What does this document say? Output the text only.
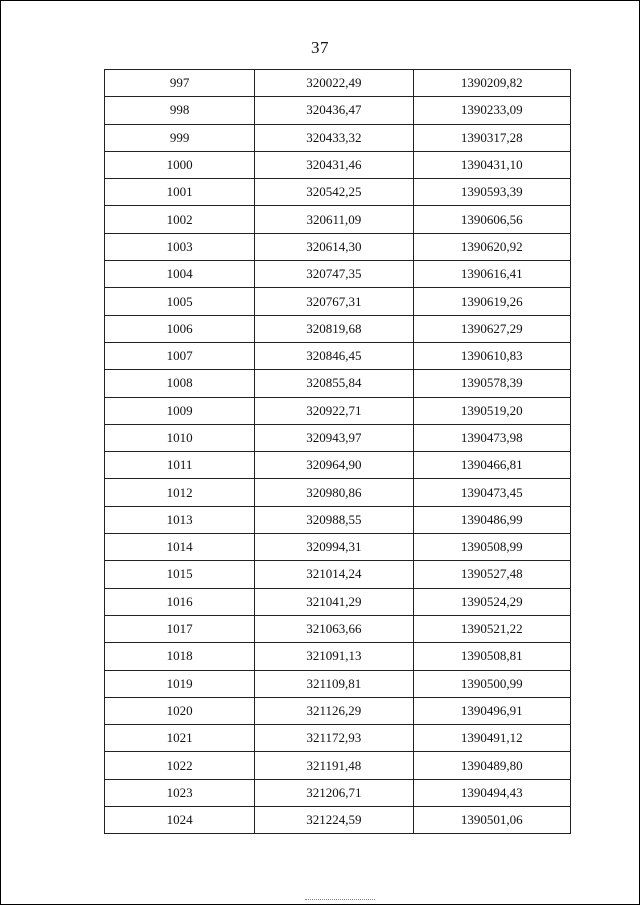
37
997	320022,49	1390209,82
998	320436,47	1390233,09
999	320433,32	1390317,28
1000	320431,46	1390431,10
1001	320542,25	1390593,39
1002	320611,09	1390606,56
1003	320614,30	1390620,92
1004	320747,35	1390616,41
1005	320767,31	1390619,26
1006	320819,68	1390627,29
1007	320846,45	1390610,83
1008	320855,84	1390578,39
1009	320922,71	1390519,20
1010	320943,97	1390473,98
1011	320964,90	1390466,81
1012	320980,86	1390473,45
1013	320988,55	1390486,99
1014	320994,31	1390508,99
1015	321014,24	1390527,48
1016	321041,29	1390524,29
1017	321063,66	1390521,22
1018	321091,13	1390508,81
1019	321109,81	1390500,99
1020	321126,29	1390496,91
1021	321172,93	1390491,12
1022	321191,48	1390489,80
1023	321206,71	1390494,43
1024	321224,59	1390501,06
